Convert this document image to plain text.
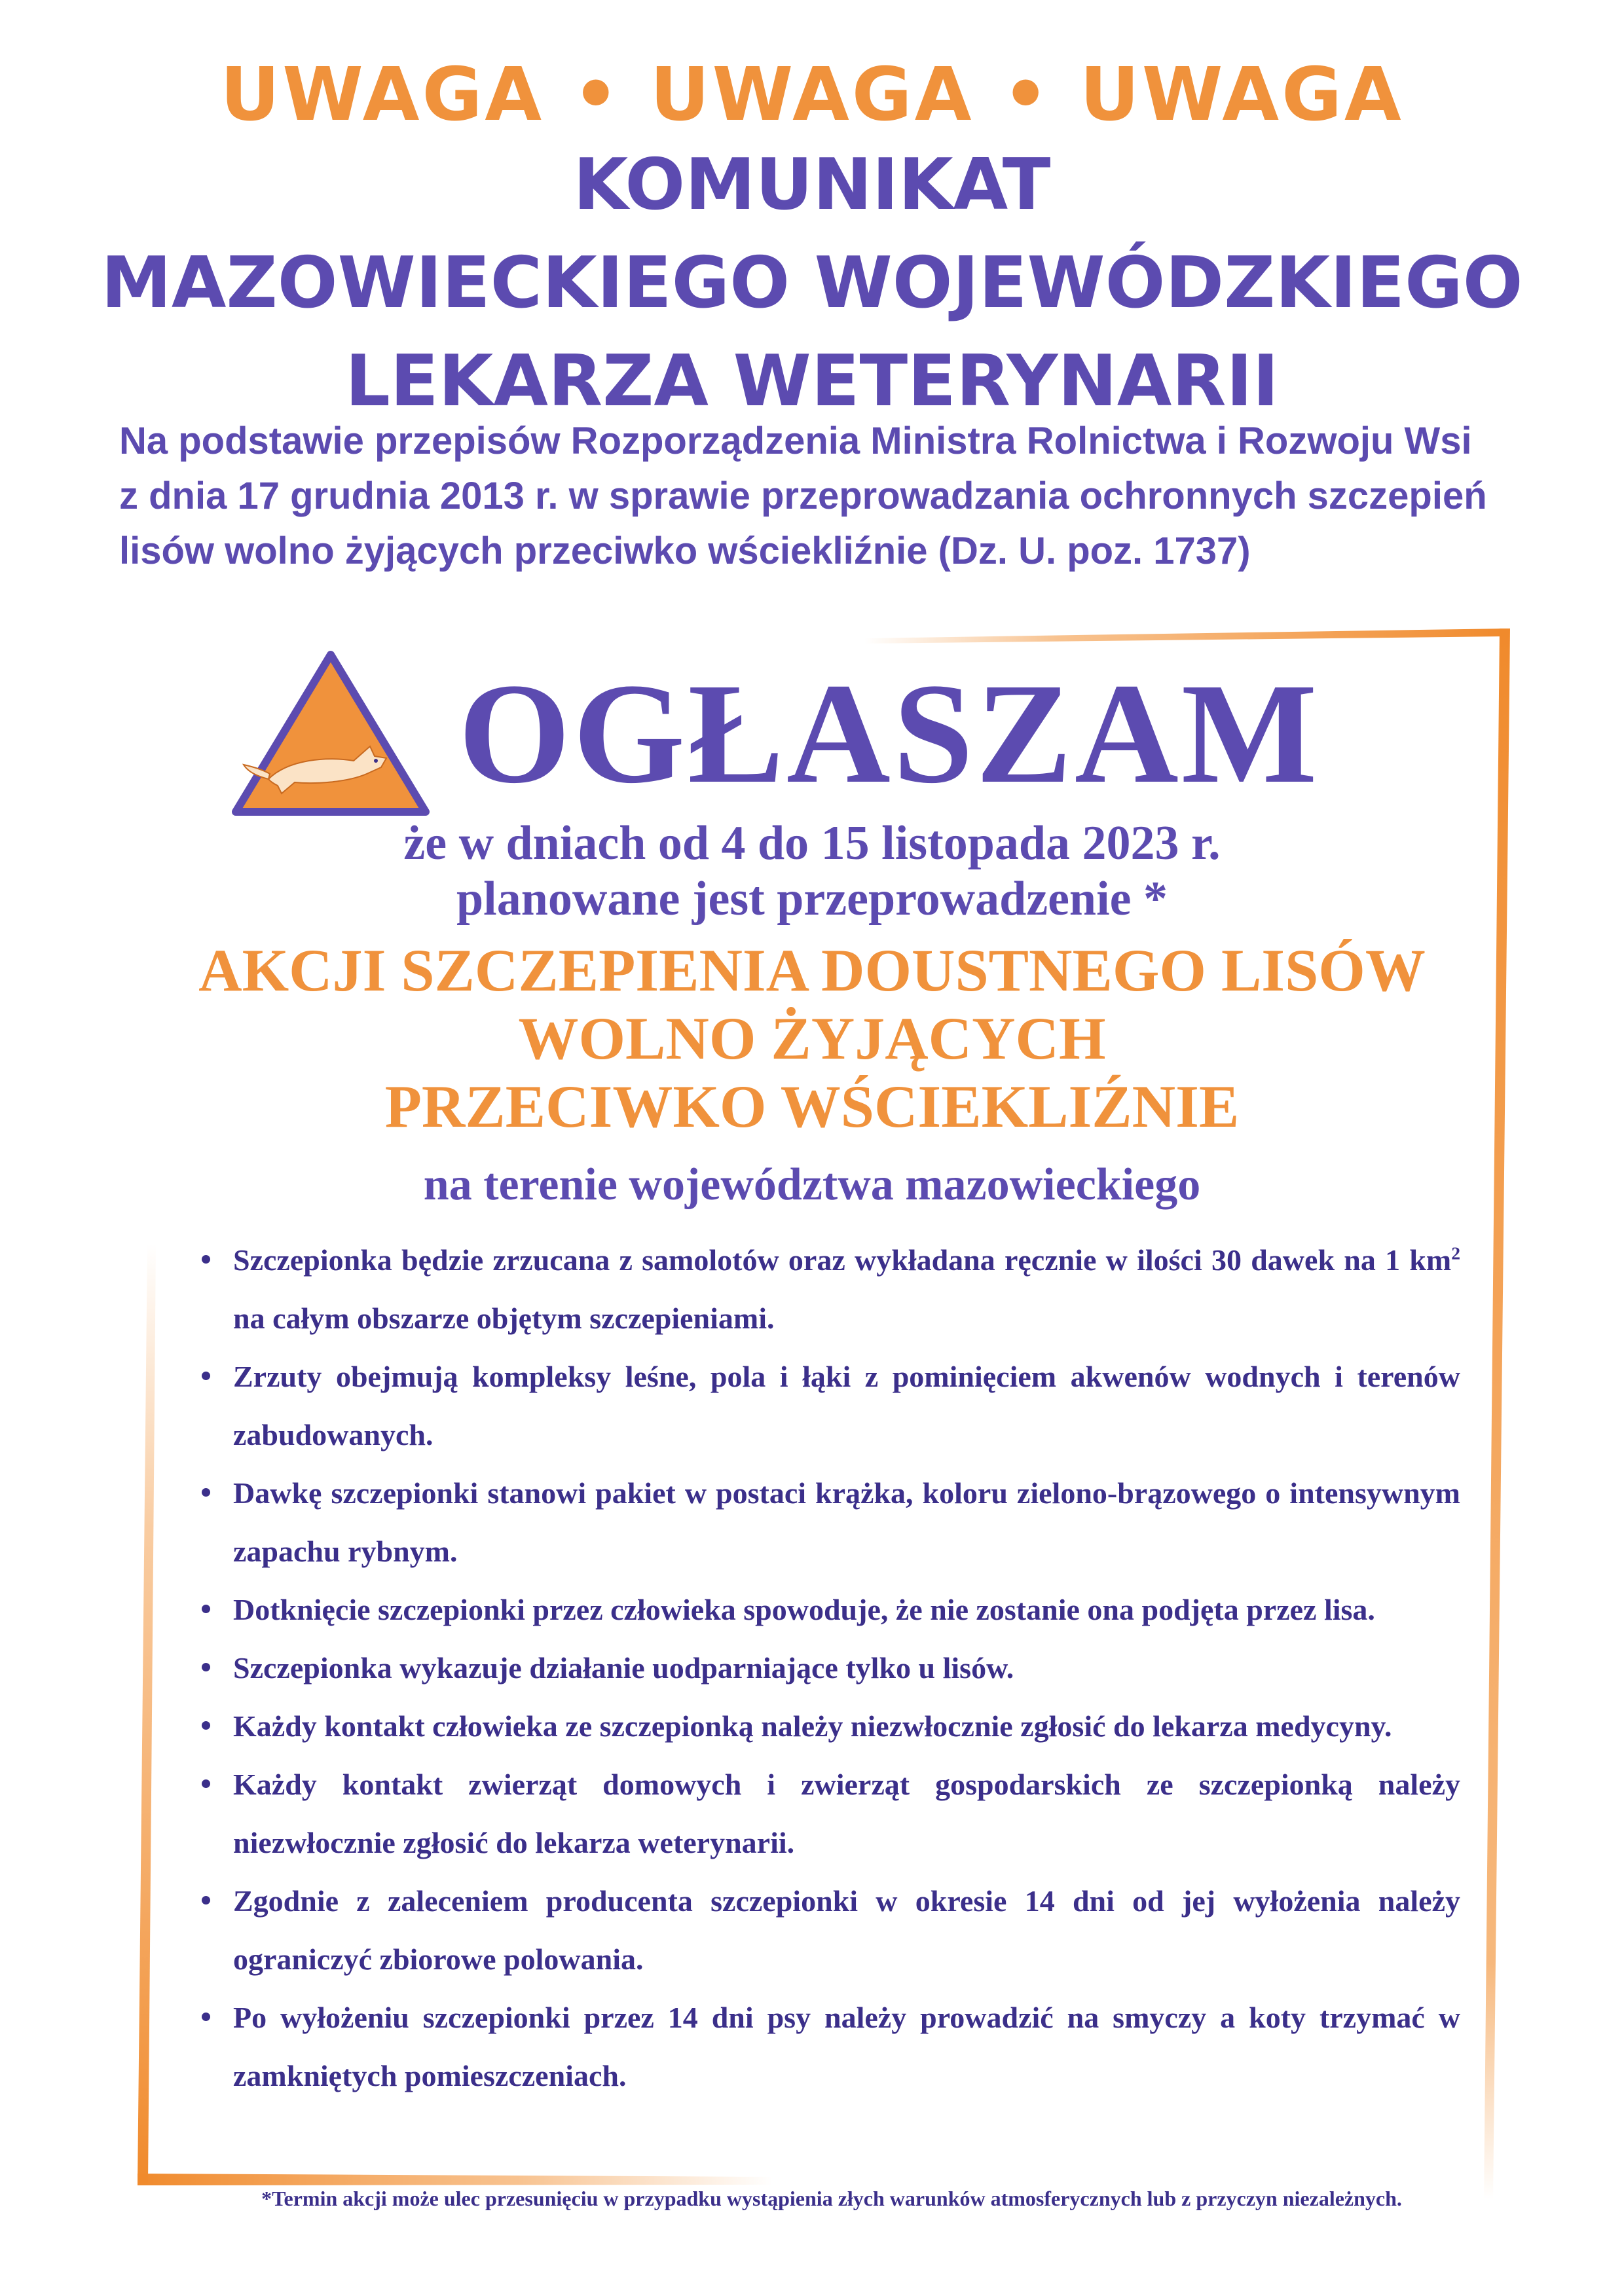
UWAGA • UWAGA • UWAGA
KOMUNIKAT
MAZOWIECKIEGO WOJEWÓDZKIEGO
LEKARZA WETERYNARII
Na podstawie przepisów Rozporządzenia Ministra Rolnictwa i Rozwoju Wsi
z dnia 17 grudnia 2013 r. w sprawie przeprowadzania ochronnych szczepień
lisów wolno żyjących przeciwko wściekliźnie (Dz. U. poz. 1737)
OGŁASZAM
że w dniach od 4 do 15 listopada 2023 r.
planowane jest przeprowadzenie *
AKCJI SZCZEPIENIA DOUSTNEGO LISÓW
WOLNO ŻYJĄCYCH
PRZECIWKO WŚCIEKLIŹNIE
na terenie województwa mazowieckiego
Szczepionka będzie zrzucana z samolotów oraz wykładana ręcznie w ilości 30 dawek na 1 $km^2$ na całym obszarze objętym szczepieniami.
Zrzuty obejmują kompleksy leśne, pola i łąki z pominięciem akwenów wodnych i terenów zabudowanych.
Dawkę szczepionki stanowi pakiet w postaci krążka, koloru zielono-brązowego o intensywnym zapachu rybnym.
Dotknięcie szczepionki przez człowieka spowoduje, że nie zostanie ona podjęta przez lisa.
Szczepionka wykazuje działanie uodparniające tylko u lisów.
Każdy kontakt człowieka ze szczepionką należy niezwłocznie zgłosić do lekarza medycyny.
Każdy kontakt zwierząt domowych i zwierząt gospodarskich ze szczepionką należy niezwłocznie zgłosić do lekarza weterynarii.
Zgodnie z zaleceniem producenta szczepionki w okresie 14 dni od jej wyłożenia należy ograniczyć zbiorowe polowania.
Po wyłożeniu szczepionki przez 14 dni psy należy prowadzić na smyczy a koty trzymać w zamkniętych pomieszczeniach.
*Termin akcji może ulec przesunięciu w przypadku wystąpienia złych warunków atmosferycznych lub z przyczyn niezależnych.
